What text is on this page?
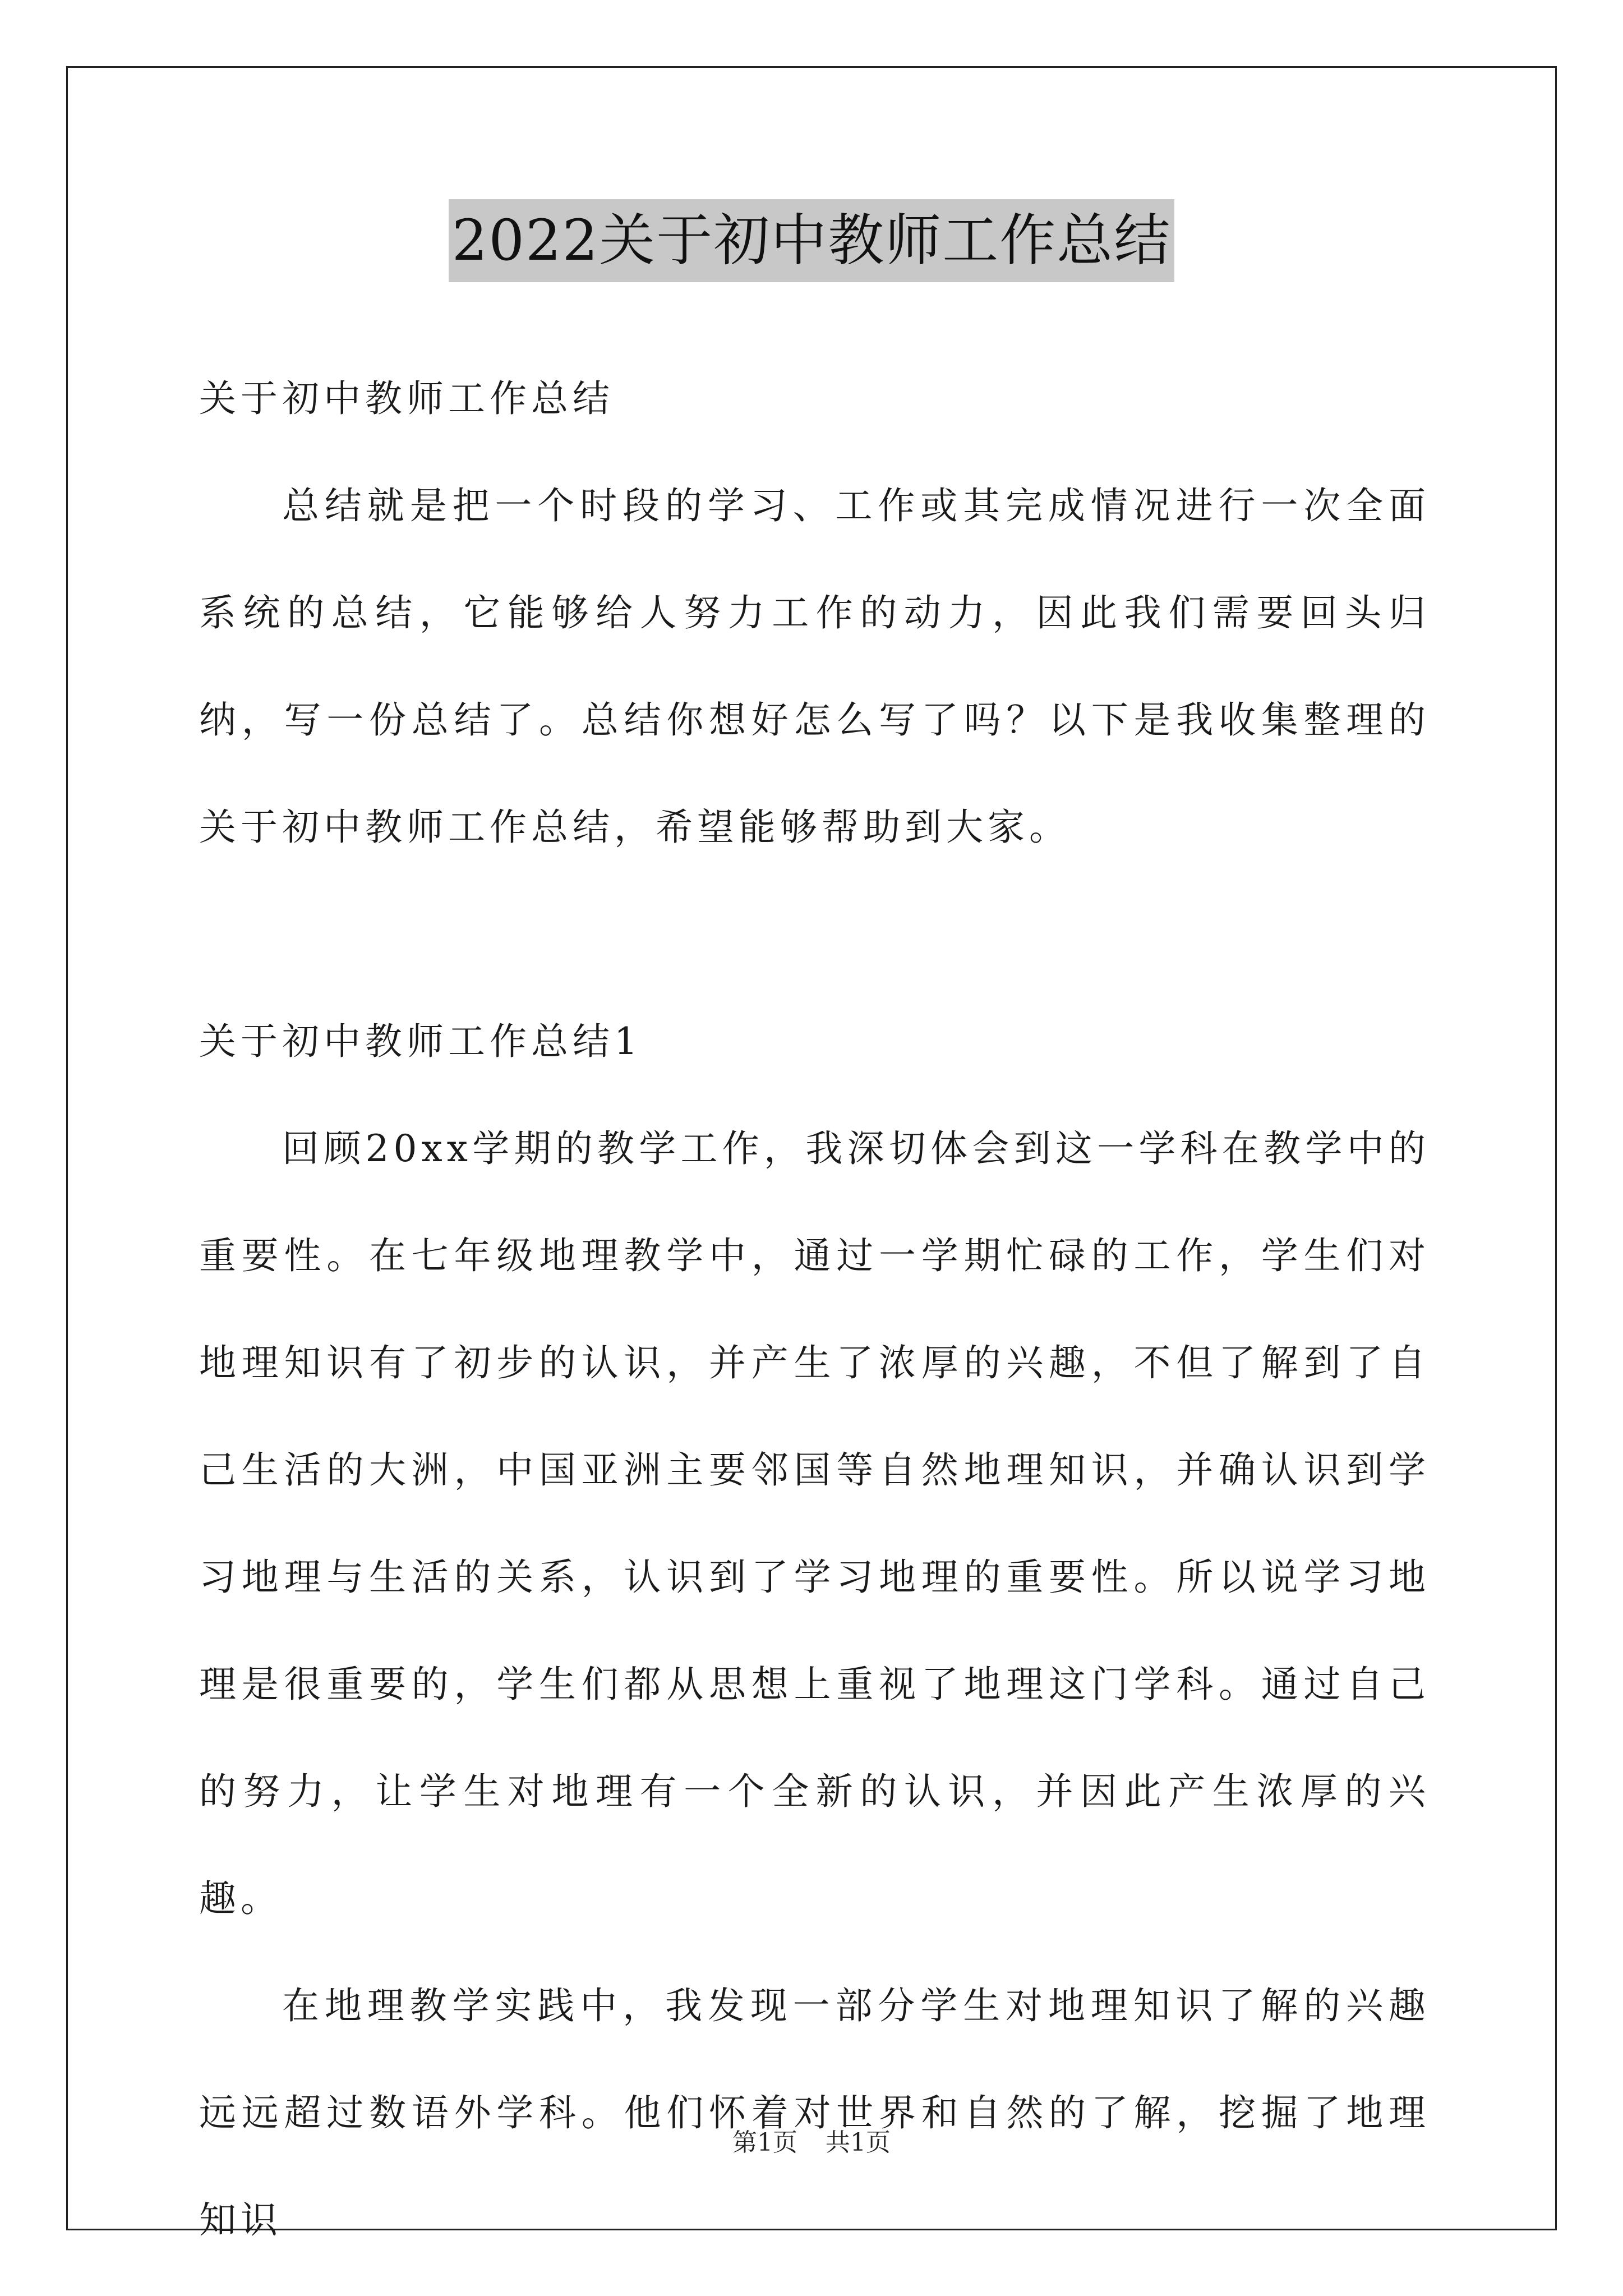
2022关于初中教师工作总结

关于初中教师工作总结

总结就是把一个时段的学习、工作或其完成情况进行一次全面系统的总结，它能够给人努力工作的动力，因此我们需要回头归纳，写一份总结了。总结你想好怎么写了吗？以下是我收集整理的关于初中教师工作总结，希望能够帮助到大家。

关于初中教师工作总结1

回顾20xx学期的教学工作，我深切体会到这一学科在教学中的重要性。在七年级地理教学中，通过一学期忙碌的工作，学生们对地理知识有了初步的认识，并产生了浓厚的兴趣，不但了解到了自己生活的大洲，中国亚洲主要邻国等自然地理知识，并确认识到学习地理与生活的关系，认识到了学习地理的重要性。所以说学习地理是很重要的，学生们都从思想上重视了地理这门学科。通过自己的努力，让学生对地理有一个全新的认识，并因此产生浓厚的兴趣。

在地理教学实践中，我发现一部分学生对地理知识了解的兴趣远远超过数语外学科。他们怀着对世界和自然的了解，挖掘了地理知识

第1页 共1页
